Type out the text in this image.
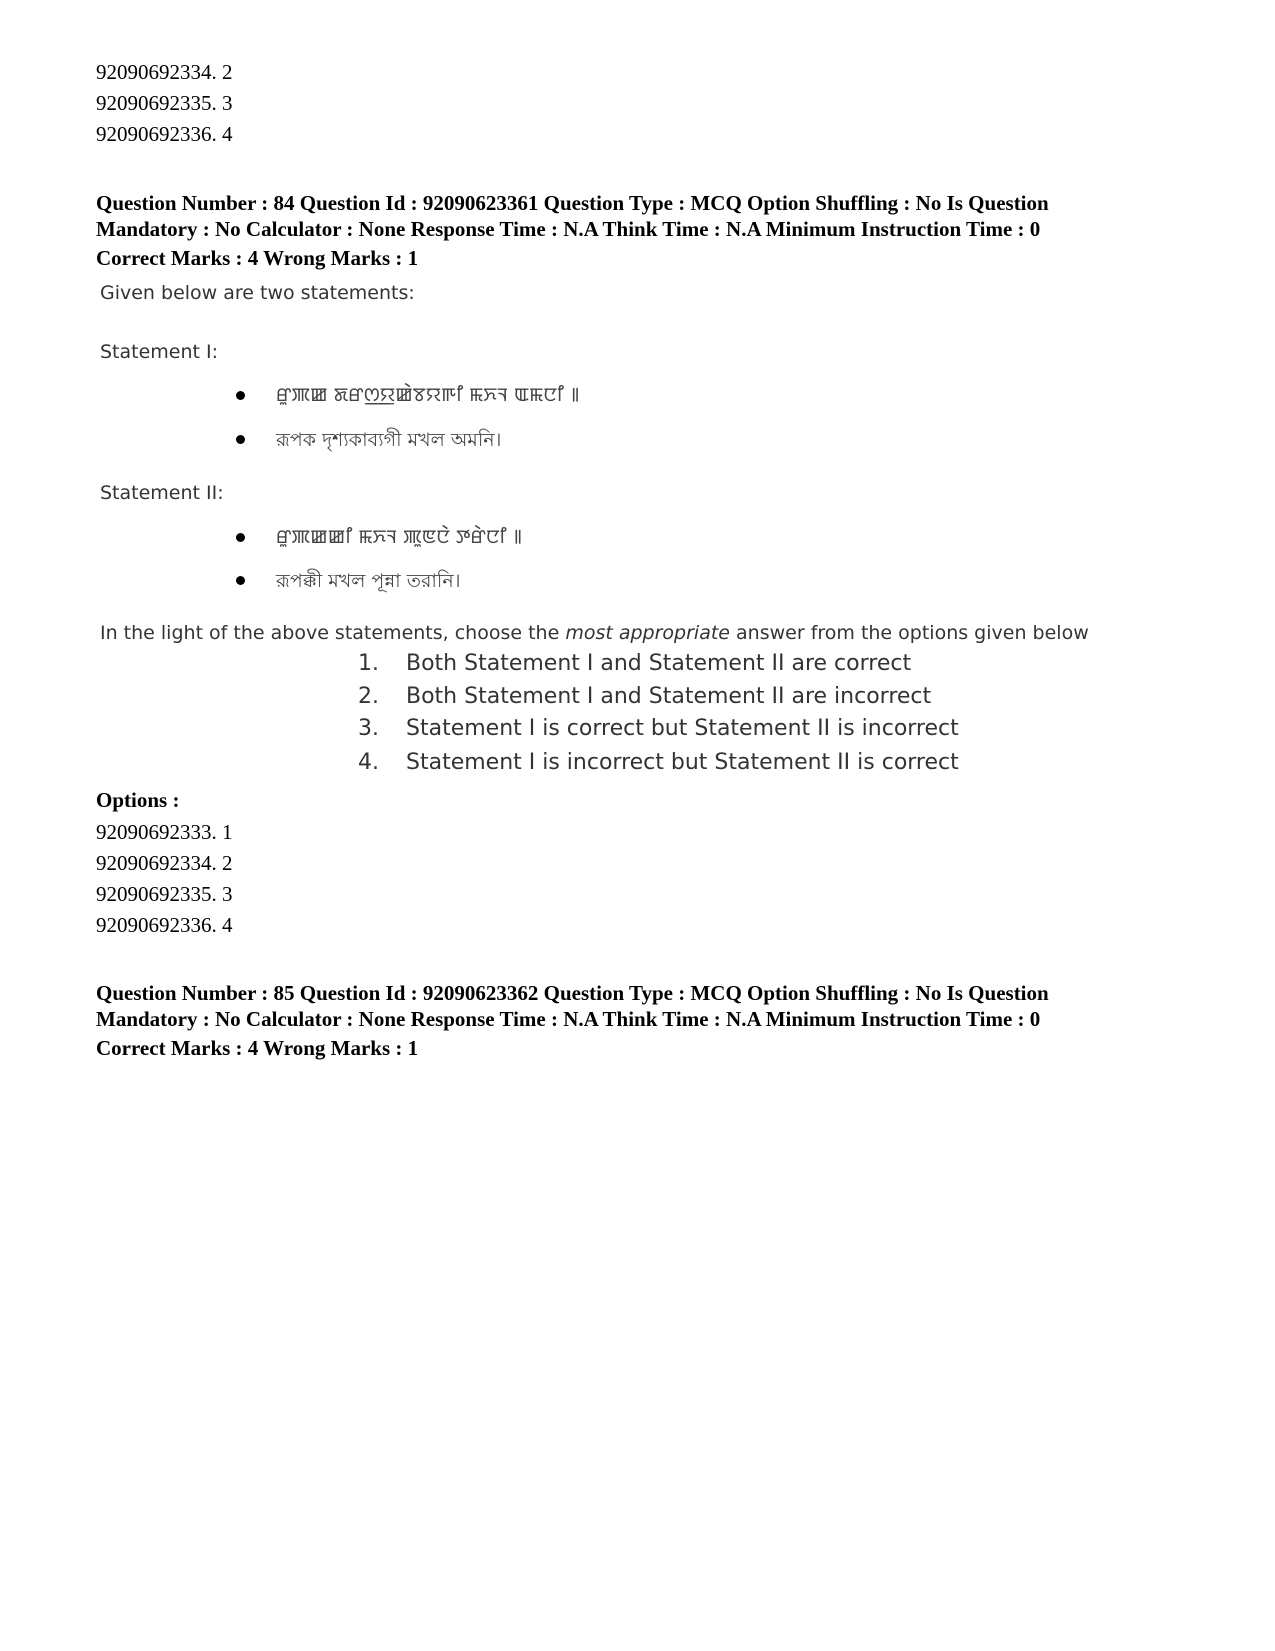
92090692334. 2
92090692335. 3
92090692336. 4
Question Number : 84 Question Id : 92090623361 Question Type : MCQ Option Shuffling : No Is Question
Mandatory : No Calculator : None Response Time : N.A Think Time : N.A Minimum Instruction Time : 0
Correct Marks : 4 Wrong Marks : 1
Given below are two statements:
Statement I:
ꯔꯨꯄꯀ ꯗꯔꯁ꯭ꯌꯀꯥꯕꯌꯒꯤ ꯃꯈꯜ ꯑꯃꯅꯤ ꯫
রূপক দৃশ্যকাব্যগী মখল অমনি।
Statement II:
ꯔꯨꯄꯀꯀꯤ ꯃꯈꯜ ꯄꯨꯟꯅꯥ ꯇꯔꯥꯅꯤ ꯫
রূপক্কী মখল পূন্না তরানি।
In the light of the above statements, choose the most appropriate answer from the options given below
1. Both Statement I and Statement II are correct
2. Both Statement I and Statement II are incorrect
3. Statement I is correct but Statement II is incorrect
4. Statement I is incorrect but Statement II is correct
Options :
92090692333. 1
92090692334. 2
92090692335. 3
92090692336. 4
Question Number : 85 Question Id : 92090623362 Question Type : MCQ Option Shuffling : No Is Question
Mandatory : No Calculator : None Response Time : N.A Think Time : N.A Minimum Instruction Time : 0
Correct Marks : 4 Wrong Marks : 1
